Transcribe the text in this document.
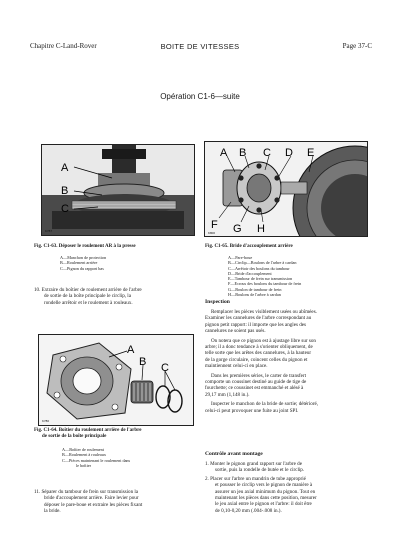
Chapitre C-Land-Rover	BOITE DE VITESSES	Page 37-C
Opération C1-6—suite
A
B
C
K787
Fig. C1-63. Déposer le roulement AR à la presse
A—Manchon de protection
B—Roulement arrière
C—Pignon du rapport bas
10. Extraire du boîtier de roulement arrière de l'arbre
de sortie de la boîte principale le circlip, la
rondelle arrêtoir et le roulement à rouleaux.
A
B C
K780
Fig. C1-64. Boîtier du roulement arrière de l'arbre
de sortie de la boîte principale
A—Boîtier de roulement
B—Roulement à rouleaux
C—Pièces maintenant le roulement dans
le boîtier
11. Séparer du tambour de frein sur transmission la
bride d'accouplement arrière. Faire levier pour
déposer le pare-boue et extraire les pièces fixant
la bride.
A B C D E
F G H
K800
Fig. C1-65. Bride d'accouplement arrière
A—Pare-boue
B—Circlip—Boulons de l'arbre à cardan
C—Arrêtoir des boulons du tambour
D—Bride d'accouplement
E—Tambour de frein sur transmission
F—Ecrous des boulons du tambour de frein
G—Boulon de tambour de frein
H—Boulons de l'arbre à cardan
Inspection
Remplacer les pièces visiblement usées ou abîmées.
Examiner les cannelures de l'arbre correspondant au
pignon petit rapport: il importe que les angles des
cannelures ne soient pas usés.
On notera que ce pignon est à ajustage libre sur son
arbre; il a donc tendance à s'orienter obliquement, de
telle sorte que les arêtes des cannelures, à la hauteur
de la gorge circulaire, coincent celles du pignon et
maintiennent celui-ci en place.
Dans les premières séries, le carter de transfert
comporte un coussinet destiné au guide de tige de
fourchette; ce coussinet est emmanché et alésé à
29,17 mm (1,148 in.).
Inspecter le manchon de la bride de sortie; détérioré,
celui-ci peut provoquer une fuite au joint SPI.
Contrôle avant montage
1. Monter le pignon grand rapport sur l'arbre de
sortie, puis la rondelle de butée et le circlip.
2. Placer sur l'arbre un mandrin de tube approprié
et pousser le circlip vers le pignon de manière à
assurer un jeu axial minimum du pignon. Tout en
maintenant les pièces dans cette position, mesurer
le jeu axial entre le pignon et l'arbre: il doit être
de 0,10-0,20 mm (.004-.008 in.).
